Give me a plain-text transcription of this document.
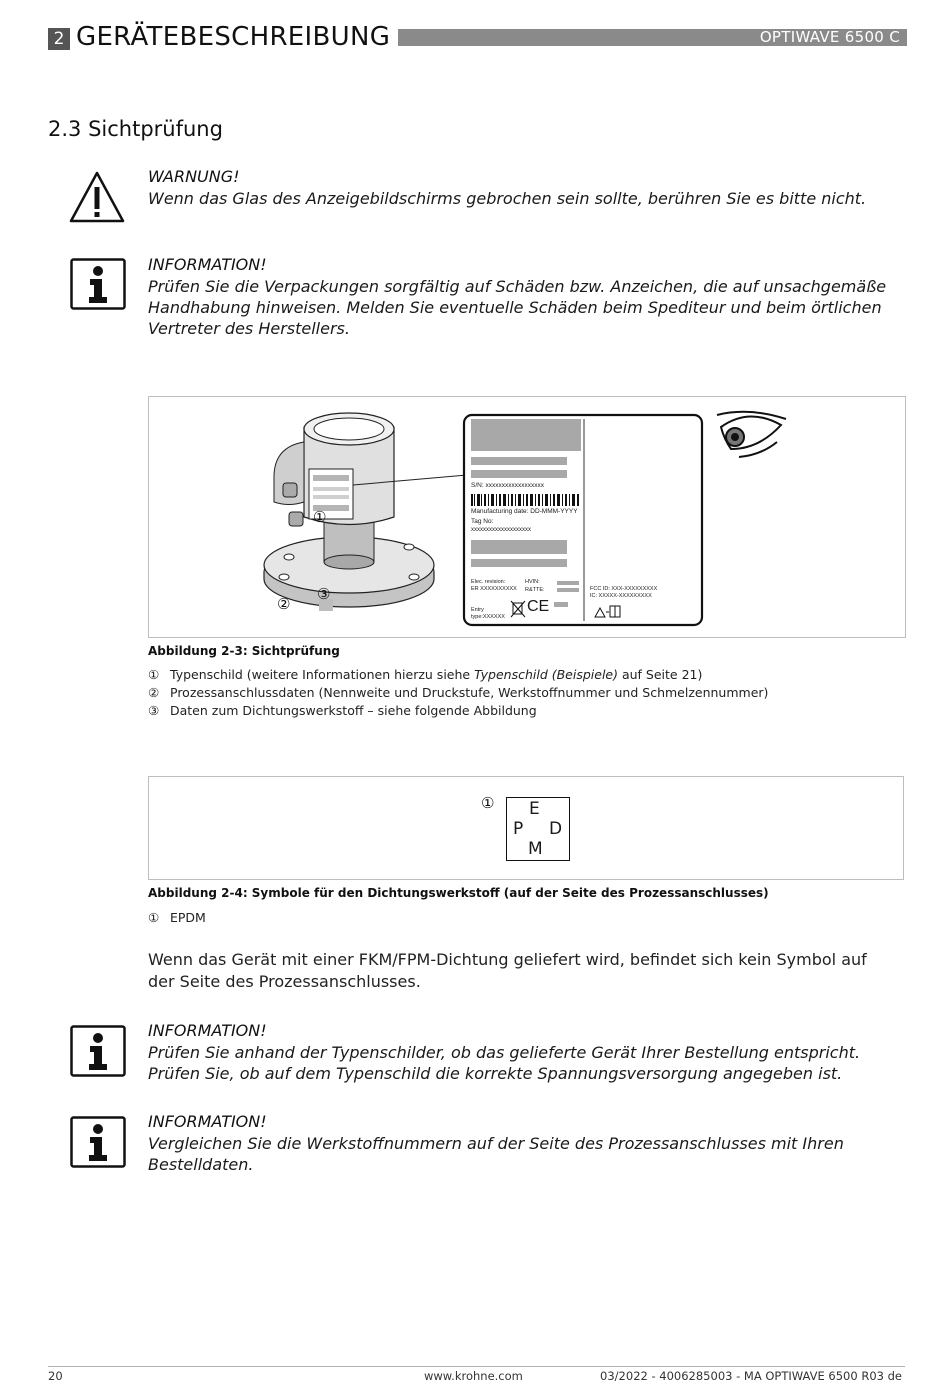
2 GERÄTEBESCHREIBUNG	OPTIWAVE 6500 C
2.3 Sichtprüfung
WARNUNG!
Wenn das Glas des Anzeigebildschirms gebrochen sein sollte, berühren Sie es bitte nicht.
INFORMATION!
Prüfen Sie die Verpackungen sorgfältig auf Schäden bzw. Anzeichen, die auf unsachgemäße Handhabung hinweisen. Melden Sie eventuelle Schäden beim Spediteur und beim örtlichen Vertreter des Herstellers.
①
②
③
S/N: xxxxxxxxxxxxxxxxxx
Manufacturing date: DD-MMM-YYYY
Tag No:
xxxxxxxxxxxxxxxxxxxx
Elec. revision:
ER XXXXXXXXXX
HVIN:
R&TTE:	FCC ID: XXX-XXXXXXXXX
IC: XXXXX-XXXXXXXXX
Entry
type:XXXXXX
CE
Abbildung 2-3: Sichtprüfung
① Typenschild (weitere Informationen hierzu siehe Typenschild (Beispiele) auf Seite 21)
② Prozessanschlussdaten (Nennweite und Druckstufe, Werkstoffnummer und Schmelzennummer)
③ Daten zum Dichtungswerkstoff – siehe folgende Abbildung
① E
P D
M
Abbildung 2-4: Symbole für den Dichtungswerkstoff (auf der Seite des Prozessanschlusses)
① EPDM
Wenn das Gerät mit einer FKM/FPM-Dichtung geliefert wird, befindet sich kein Symbol auf der Seite des Prozessanschlusses.
INFORMATION!
Prüfen Sie anhand der Typenschilder, ob das gelieferte Gerät Ihrer Bestellung entspricht. Prüfen Sie, ob auf dem Typenschild die korrekte Spannungsversorgung angegeben ist.
INFORMATION!
Vergleichen Sie die Werkstoffnummern auf der Seite des Prozessanschlusses mit Ihren Bestelldaten.
20	www.krohne.com	03/2022 - 4006285003 - MA OPTIWAVE 6500 R03 de
